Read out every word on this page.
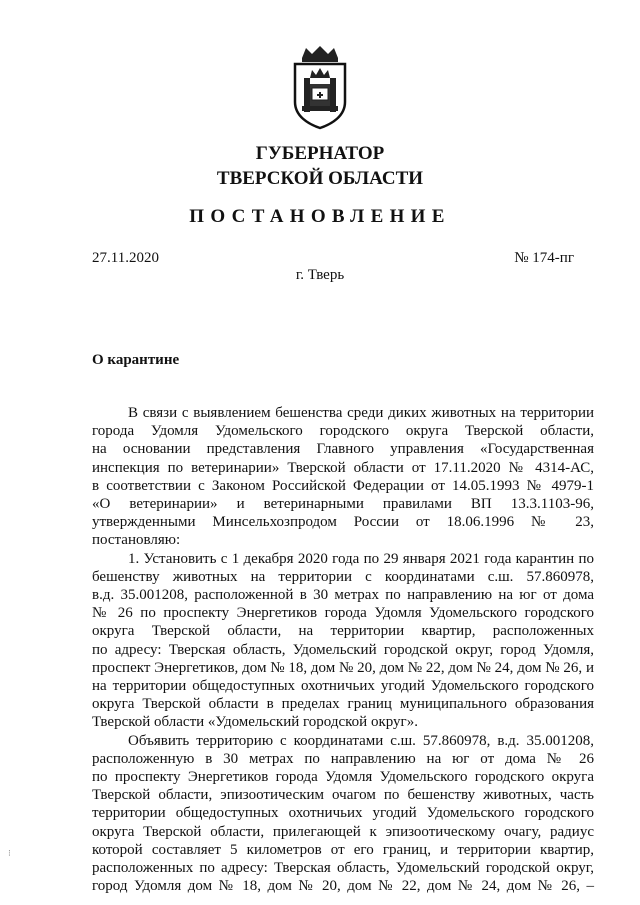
ГУБЕРНАТОР
ТВЕРСКОЙ ОБЛАСТИ
ПОСТАНОВЛЕНИЕ
27.11.2020	№ 174-пг
г. Тверь
О карантине

В связи с выявлением бешенства среди диких животных на территории

города Удомля Удомельского городского округа Тверской области,

на основании представления Главного управления «Государственная

инспекция по ветеринарии» Тверской области от 17.11.2020 № 4314-АС,

в соответствии с Законом Российской Федерации от 14.05.1993 № 4979-1

«О ветеринарии» и ветеринарными правилами ВП 13.3.1103-96,

утвержденными Минсельхозпродом России от 18.06.1996 № 23, постановляю:

1. Установить с 1 декабря 2020 года по 29 января 2021 года карантин по

бешенству животных на территории с координатами с.ш. 57.860978,

в.д. 35.001208, расположенной в 30 метрах по направлению на юг от дома

№ 26 по проспекту Энергетиков города Удомля Удомельского городского

округа Тверской области, на территории квартир, расположенных

по адресу: Тверская область, Удомельский городской округ, город Удомля,

проспект Энергетиков, дом № 18, дом № 20, дом № 22, дом № 24, дом № 26, и

на территории общедоступных охотничьих угодий Удомельского городского

округа Тверской области в пределах границ муниципального образования

Тверской области «Удомельский городской округ».

Объявить территорию с координатами с.ш. 57.860978, в.д. 35.001208,

расположенную в 30 метрах по направлению на юг от дома № 26

по проспекту Энергетиков города Удомля Удомельского городского округа

Тверской области, эпизоотическим очагом по бешенству животных, часть

территории общедоступных охотничьих угодий Удомельского городского

округа Тверской области, прилегающей к эпизоотическому очагу, радиус

которой составляет 5 километров от его границ, и территории квартир,

расположенных по адресу: Тверская область, Удомельский городской округ,

город Удомля дом № 18, дом № 20, дом № 22, дом № 24, дом № 26, –

⁝
